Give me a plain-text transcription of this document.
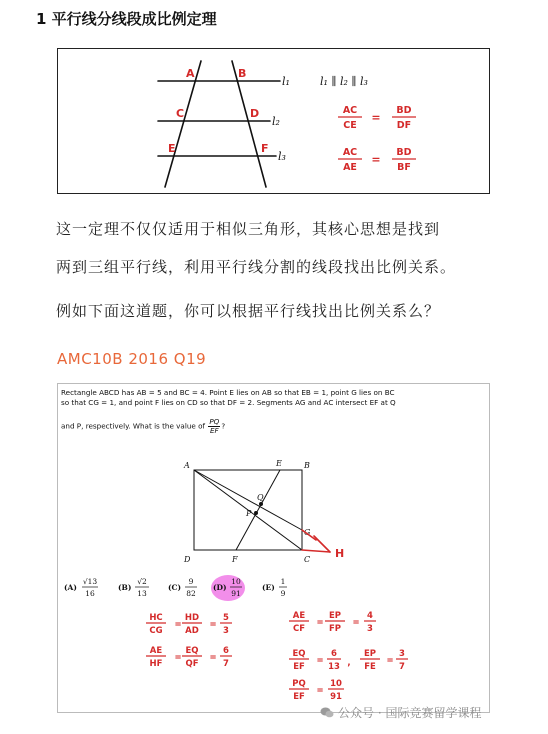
1 平行线分线段成比例定理
A	B
C	D
E	F
l₁
l₂
l₃
l₁ ∥ l₂ ∥ l₃
AC
CE
=
BD
DF
AC
AE
=
BD
BF
这一定理不仅仅适用于相似三角形，其核心思想是找到
两到三组平行线，利用平行线分割的线段找出比例关系。
例如下面这道题，你可以根据平行线找出比例关系么？
AMC10B 2016 Q19
Rectangle ABCD has AB = 5 and BC = 4. Point E lies on AB so that EB = 1, point G lies on BC
so that CG = 1, and point F lies on CD so that DF = 2. Segments AG and AC intersect EF at Q
and P, respectively. What is the value of $\frac{PQ}{EF}$ ?
A	B
C
D
E
F
G
P
Q
H
(A)
√13
16
(B)
√2
13
(C)
9
82
(D)
10
91
(E)
1
9
HC
CG
=
HD
AD
=
5
3
AE
HF
=
EQ
QF
=
6
7
AE
CF
=
EP
FP
=
4
3
EQ
EF
=
6
13 ,
EP
FE
=
3
7
PQ
EF
=
10
91
公众号 · 国际竞赛留学课程
